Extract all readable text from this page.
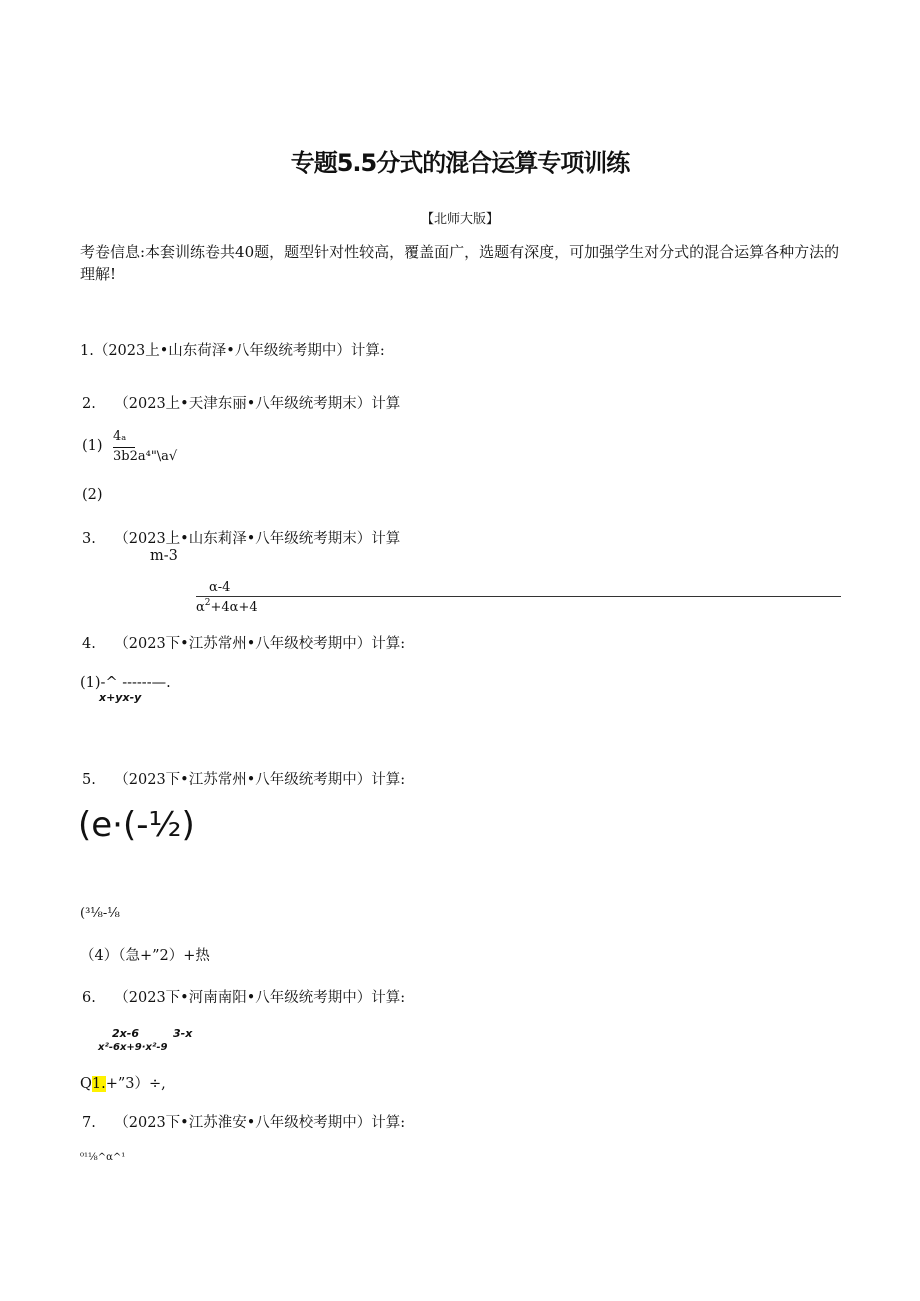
专题5.5分式的混合运算专项训练
【北师大版】
考卷信息:本套训练卷共40题，题型针对性较高，覆盖面广，选题有深度，可加强学生对分式的混合运算各种方法的理解!
1.（2023上•山东荷泽•八年级统考期中）计算:
2.    （2023上•天津东丽•八年级统考期末）计算
$(1) \frac{\text{4ₐ}}{\text{3b2a⁴"\textbackslash{}a√}}$
(2)
3.    （2023上•山东莉泽•八年级统考期末）计算
m-3
α-4
$\alpha^2+4\alpha+4$
4.    （2023下•江苏常州•八年级校考期中）计算:
(1)-^ ------—.
x+yx-y
5.    （2023下•江苏常州•八年级统考期中）计算:
(e·(-½)
(³⅛-⅛
（4）（急+”2）+热
6.    （2023下•河南南阳•八年级统考期中）计算:
2x-6	3-x
x²-6x+9·x²-9
Q1.+”3）÷,
7.    （2023下•江苏淮安•八年级校考期中）计算:
⁰¹⅛^α^¹
